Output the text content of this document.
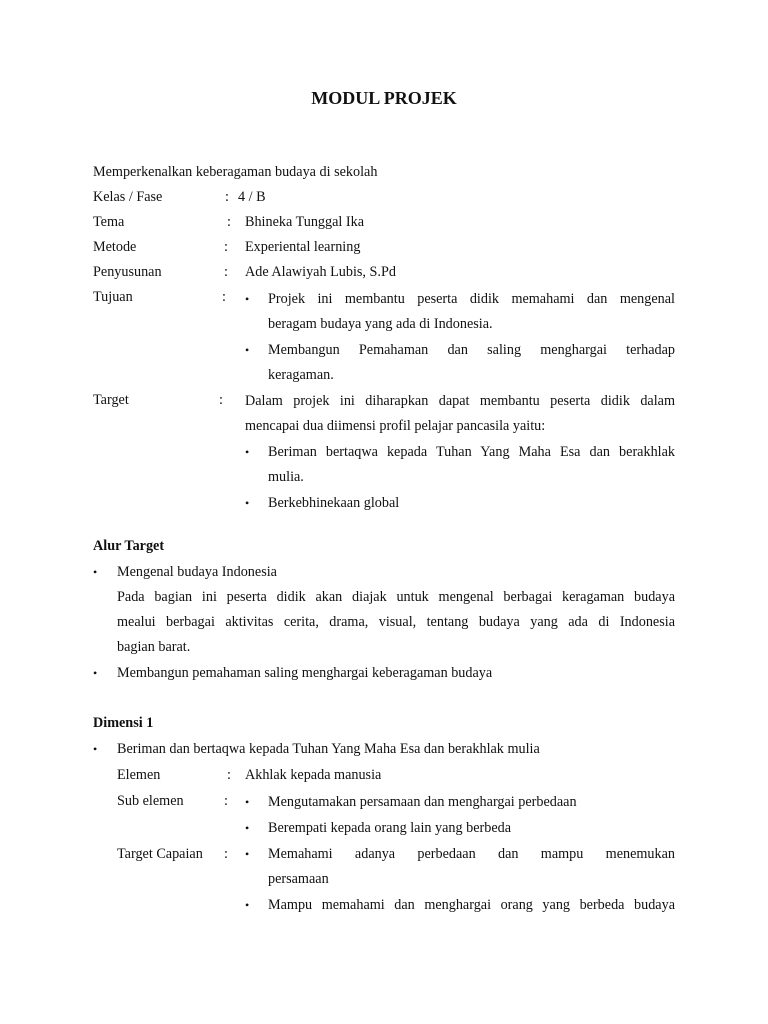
MODUL PROJEK
Memperkenalkan keberagaman budaya di sekolah
Kelas / Fase	: 4 / B
Tema	: Bhineka Tunggal Ika
Metode	: Experiental learning
Penyusunan	: Ade Alawiyah Lubis, S.Pd
Tujuan	: • Projek ini membantu peserta didik memahami dan mengenal
beragam budaya yang ada di Indonesia.
• Membangun Pemahaman dan saling menghargai terhadap
keragaman.
Target	: Dalam projek ini diharapkan dapat membantu peserta didik dalam
mencapai dua diimensi profil pelajar pancasila yaitu:
• Beriman bertaqwa kepada Tuhan Yang Maha Esa dan berakhlak
mulia.
• Berkebhinekaan global
Alur Target
• Mengenal budaya Indonesia
Pada bagian ini peserta didik akan diajak untuk mengenal berbagai keragaman budaya
mealui berbagai aktivitas cerita, drama, visual, tentang budaya yang ada di Indonesia
bagian barat.
• Membangun pemahaman saling menghargai keberagaman budaya
Dimensi 1
• Beriman dan bertaqwa kepada Tuhan Yang Maha Esa dan berakhlak mulia
Elemen	: Akhlak kepada manusia
Sub elemen	: • Mengutamakan persamaan dan menghargai perbedaan
• Berempati kepada orang lain yang berbeda
Target Capaian : • Memahami adanya perbedaan dan mampu menemukan
persamaan
• Mampu memahami dan menghargai orang yang berbeda budaya
